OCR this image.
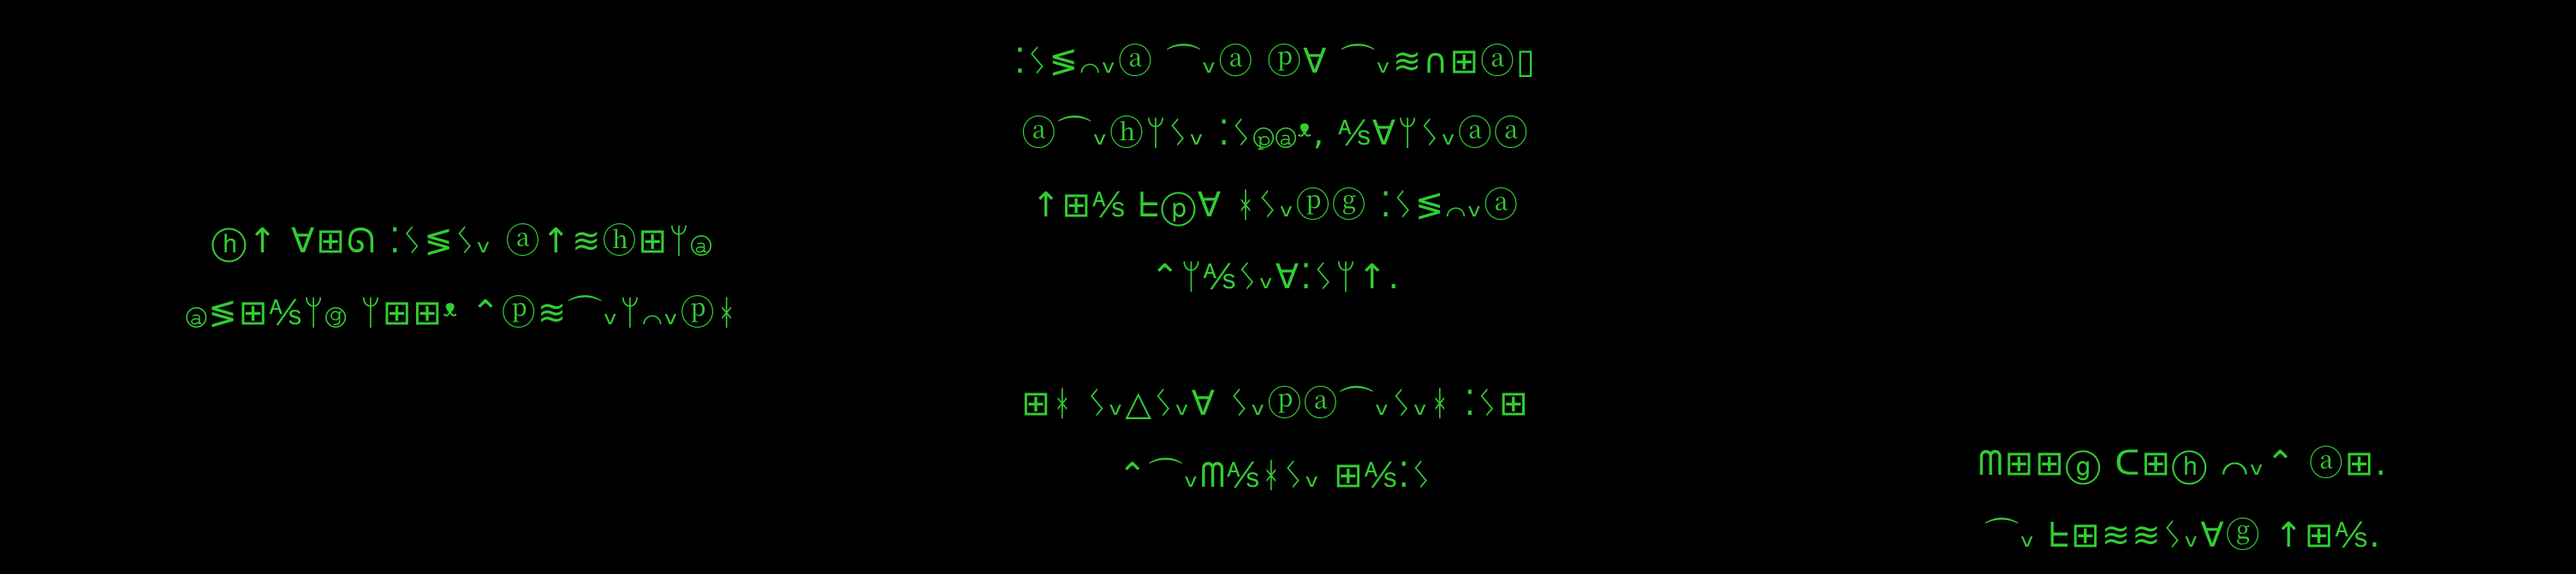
⁚ᛊ≶⌒ᵥⓐ ⌒ᵥⓐ ⓟ∀ ⌒ᵥ≋∩⊞ⓐ▯
ⓐ⌒ᵥⓗᛘᛊᵥ ⁚ᛊⓟⓐᵜ, ⅍∀ᛘᛊᵥⓐⓐ
↑⊞⅍ ᖶⓟ∀ ᚼᛊᵥⓟⓖ ⁚ᛊ≶⌒ᵥⓐ
⌃ᛘ⅍ᛊᵥ∀⁚ᛊᛘ↑.
ⓗ↑ ∀⊞ᘏ ⁚ᛊ≶ᛊᵥ ⓐ↑≋ⓗ⊞ᛘⓐ
ⓐ≶⊞⅍ᛘⓖ ᛘ⊞⊞ᵜ ⌃ⓟ≋⌒ᵥᛘ⌒ᵥⓟᚼ
⊞ᚼ ᛊᵥ△ᛊᵥ∀ ᛊᵥⓟⓐ⌒ᵥᛊᵥᚼ ⁚ᛊ⊞
⌃⌒ᵥᗰ⅍ᚼᛊᵥ ⊞⅍⁚ᛊ	ᗰ⊞⊞ⓖ ᑕ⊞ⓗ ⌒ᵥ⌃ ⓐ⊞.
⌒ᵥ ᖶ⊞≋≋ᛊᵥ∀ⓖ ↑⊞⅍.
